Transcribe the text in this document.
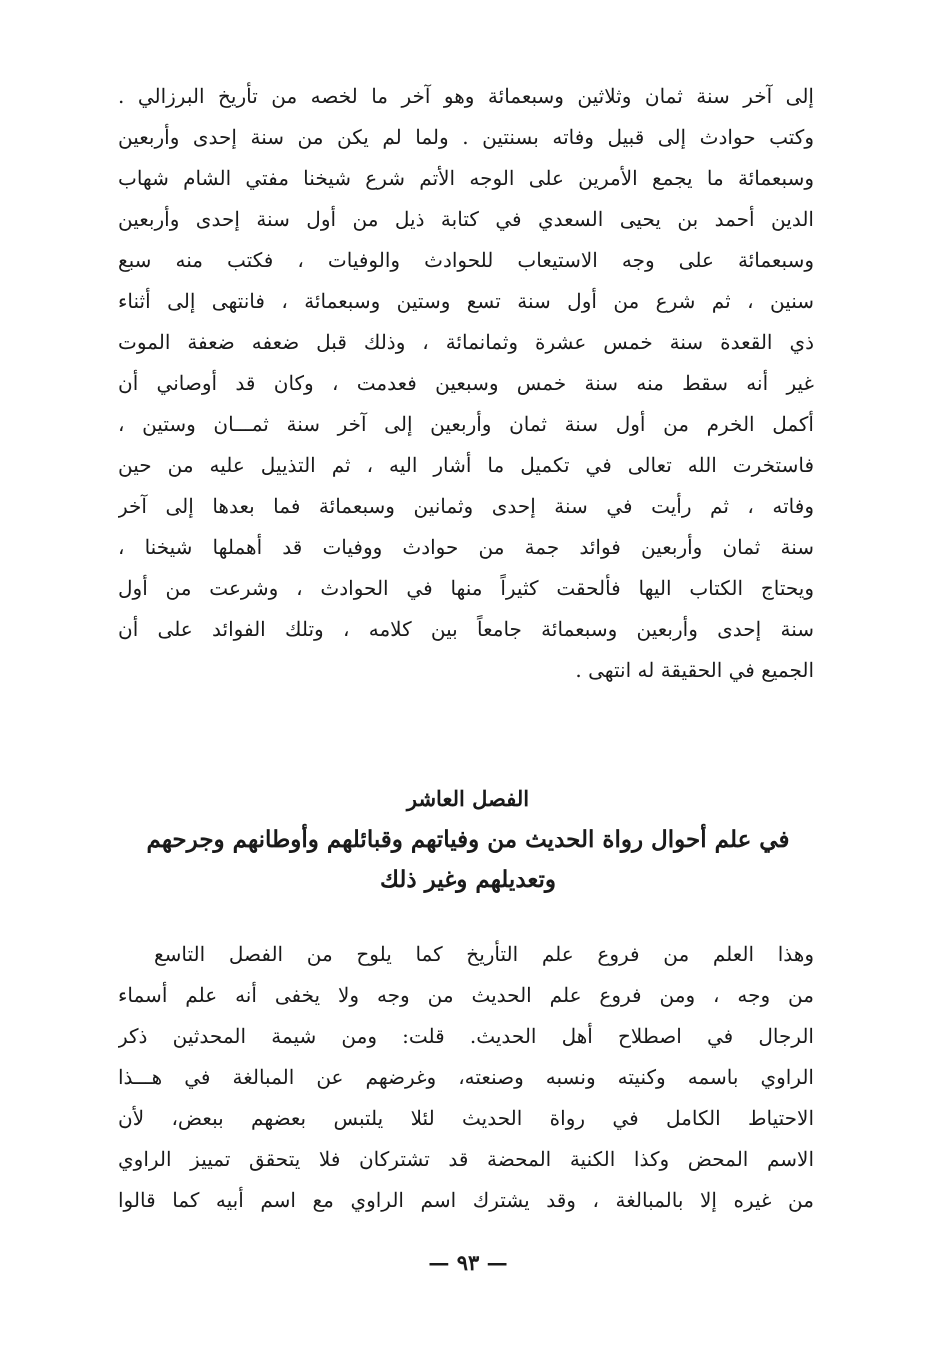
إلى آخر سنة ثمان وثلاثين وسبعمائة وهو آخر ما لخصه من تأريخ البرزالي .
وكتب حوادث إلى قبيل وفاته بسنتين . ولما لم يكن من سنة إحدى وأربعين
وسبعمائة ما يجمع الأمرين على الوجه الأتم شرع شيخنا مفتي الشام شهاب
الدين أحمد بن يحيى السعدي في كتابة ذيل من أول سنة إحدى وأربعين
وسبعمائة على وجه الاستيعاب للحوادث والوفيات ، فكتب منه سبع
سنين ، ثم شرع من أول سنة تسع وستين وسبعمائة ، فانتهى إلى أثناء
ذي القعدة سنة خمس عشرة وثمانمائة ، وذلك قبل ضعفه ضعفة الموت
غير أنه سقط منه سنة خمس وسبعين فعدمت ، وكان قد أوصاني أن
أكمل الخرم من أول سنة ثمان وأربعين إلى آخر سنة ثمـــان وستين ،
فاستخرت الله تعالى في تكميل ما أشار اليه ، ثم التذييل عليه من حين
وفاته ، ثم رأيت في سنة إحدى وثمانين وسبعمائة فما بعدها إلى آخر
سنة ثمان وأربعين فوائد جمة من حوادث ووفيات قد أهملها شيخنا ،
ويحتاج الكتاب اليها فألحقت كثيراً منها في الحوادث ، وشرعت من أول
سنة إحدى وأربعين وسبعمائة جامعاً بين كلامه ، وتلك الفوائد على أن
الجميع في الحقيقة له انتهى .
الفصل العاشر
في علم أحوال رواة الحديث من وفياتهم وقبائلهم وأوطانهم وجرحهم
وتعديلهم وغير ذلك
وهذا العلم من فروع علم التأريخ كما يلوح من الفصل التاسع
من وجه ، ومن فروع علم الحديث من وجه ولا يخفى أنه علم أسماء
الرجال في اصطلاح أهل الحديث. قلت: ومن شيمة المحدثين ذكر
الراوي باسمه وكنيته ونسبه وصنعته، وغرضهم عن المبالغة في هـــذا
الاحتياط الكامل في رواة الحديث لئلا يلتبس بعضهم ببعض، لأن
الاسم المحض وكذا الكنية المحضة قد تشتركان فلا يتحقق تمييز الراوي
من غيره إلا بالمبالغة ، وقد يشترك اسم الراوي مع اسم أبيه كما قالوا
— ٩٣ —
